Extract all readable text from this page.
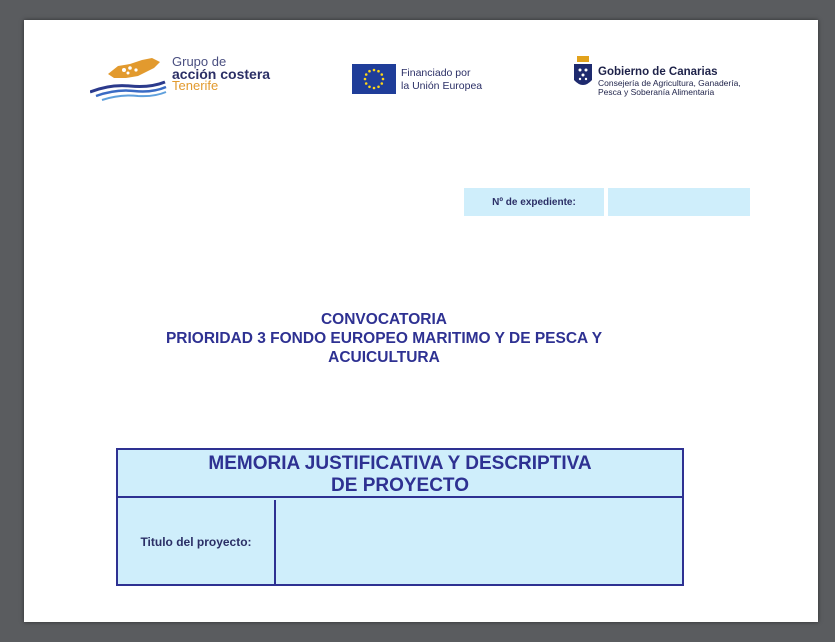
Grupo de
acción costera
Tenerife
Financiado por
la Unión Europea
Gobierno de Canarias
Consejería de Agricultura, Ganadería,
Pesca y Soberanía Alimentaria
Nº de expediente:
CONVOCATORIA
PRIORIDAD 3 FONDO EUROPEO MARITIMO Y DE PESCA Y
ACUICULTURA
MEMORIA JUSTIFICATIVA Y DESCRIPTIVA
DE PROYECTO
Titulo del proyecto:
